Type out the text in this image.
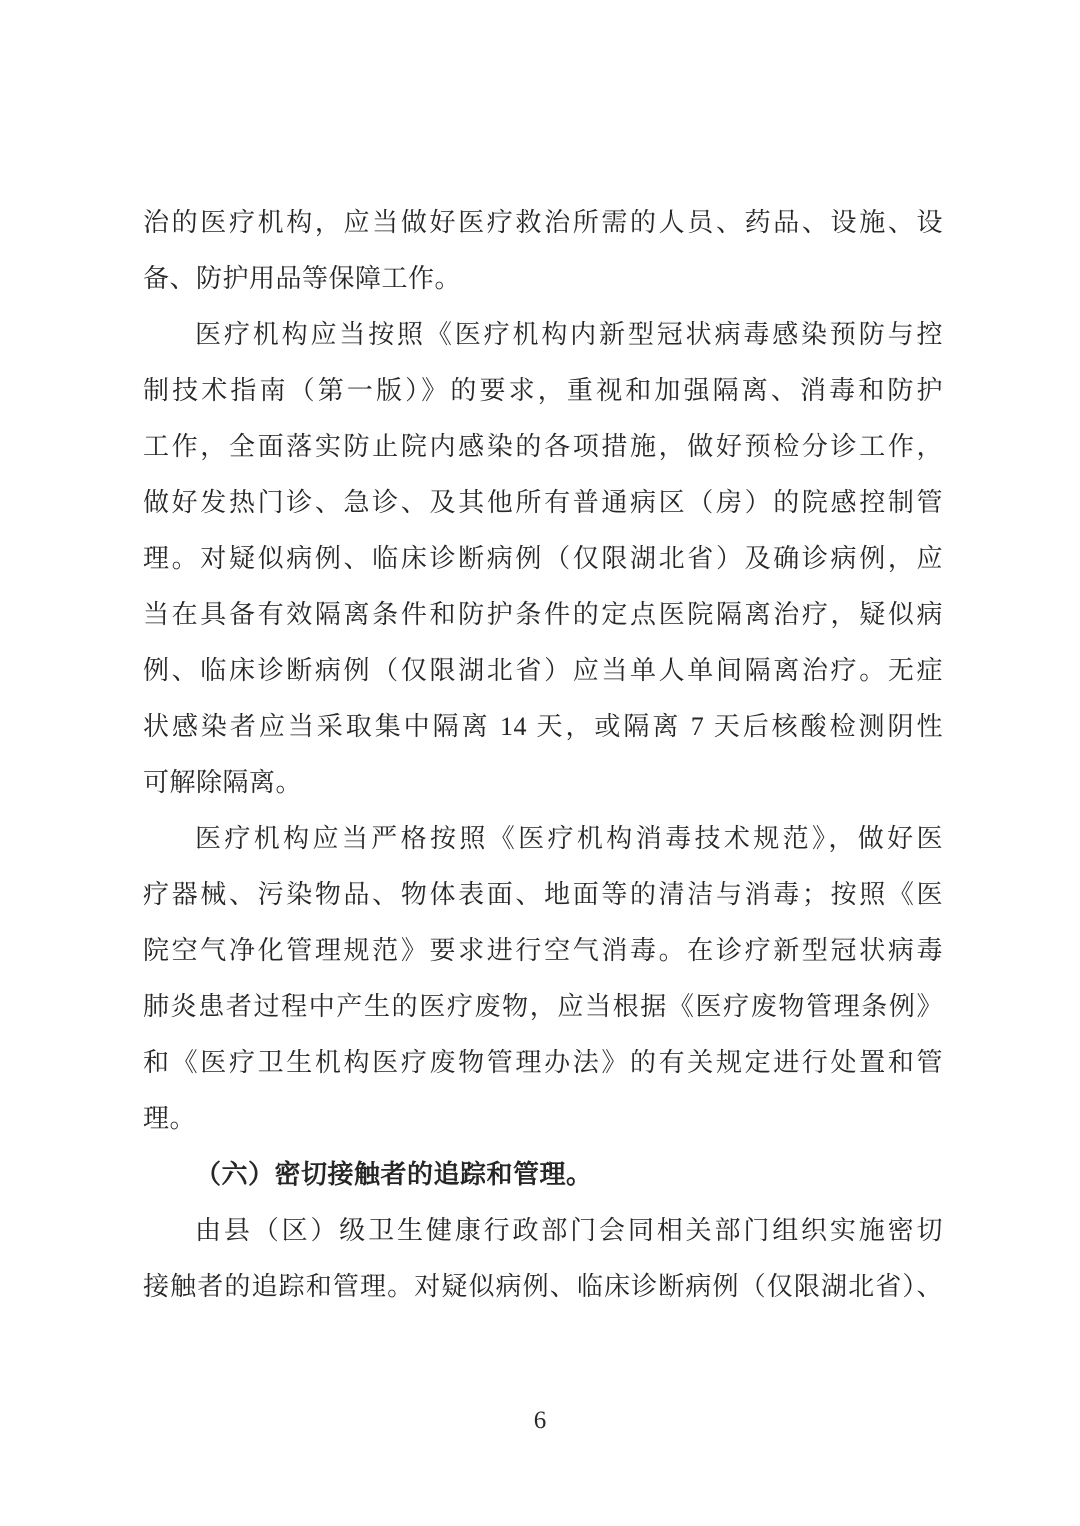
治的医疗机构，应当做好医疗救治所需的人员、药品、设施、设
备、防护用品等保障工作。
医疗机构应当按照《医疗机构内新型冠状病毒感染预防与控
制技术指南（第一版）》的要求，重视和加强隔离、消毒和防护
工作，全面落实防止院内感染的各项措施，做好预检分诊工作，
做好发热门诊、急诊、及其他所有普通病区（房）的院感控制管
理。对疑似病例、临床诊断病例（仅限湖北省）及确诊病例，应
当在具备有效隔离条件和防护条件的定点医院隔离治疗，疑似病
例、临床诊断病例（仅限湖北省）应当单人单间隔离治疗。无症
状感染者应当采取集中隔离 14 天，或隔离 7 天后核酸检测阴性
可解除隔离。
医疗机构应当严格按照《医疗机构消毒技术规范》，做好医
疗器械、污染物品、物体表面、地面等的清洁与消毒；按照《医
院空气净化管理规范》要求进行空气消毒。在诊疗新型冠状病毒
肺炎患者过程中产生的医疗废物，应当根据《医疗废物管理条例》
和《医疗卫生机构医疗废物管理办法》的有关规定进行处置和管
理。
（六）密切接触者的追踪和管理。
由县（区）级卫生健康行政部门会同相关部门组织实施密切
接触者的追踪和管理。对疑似病例、临床诊断病例（仅限湖北省）、
6
